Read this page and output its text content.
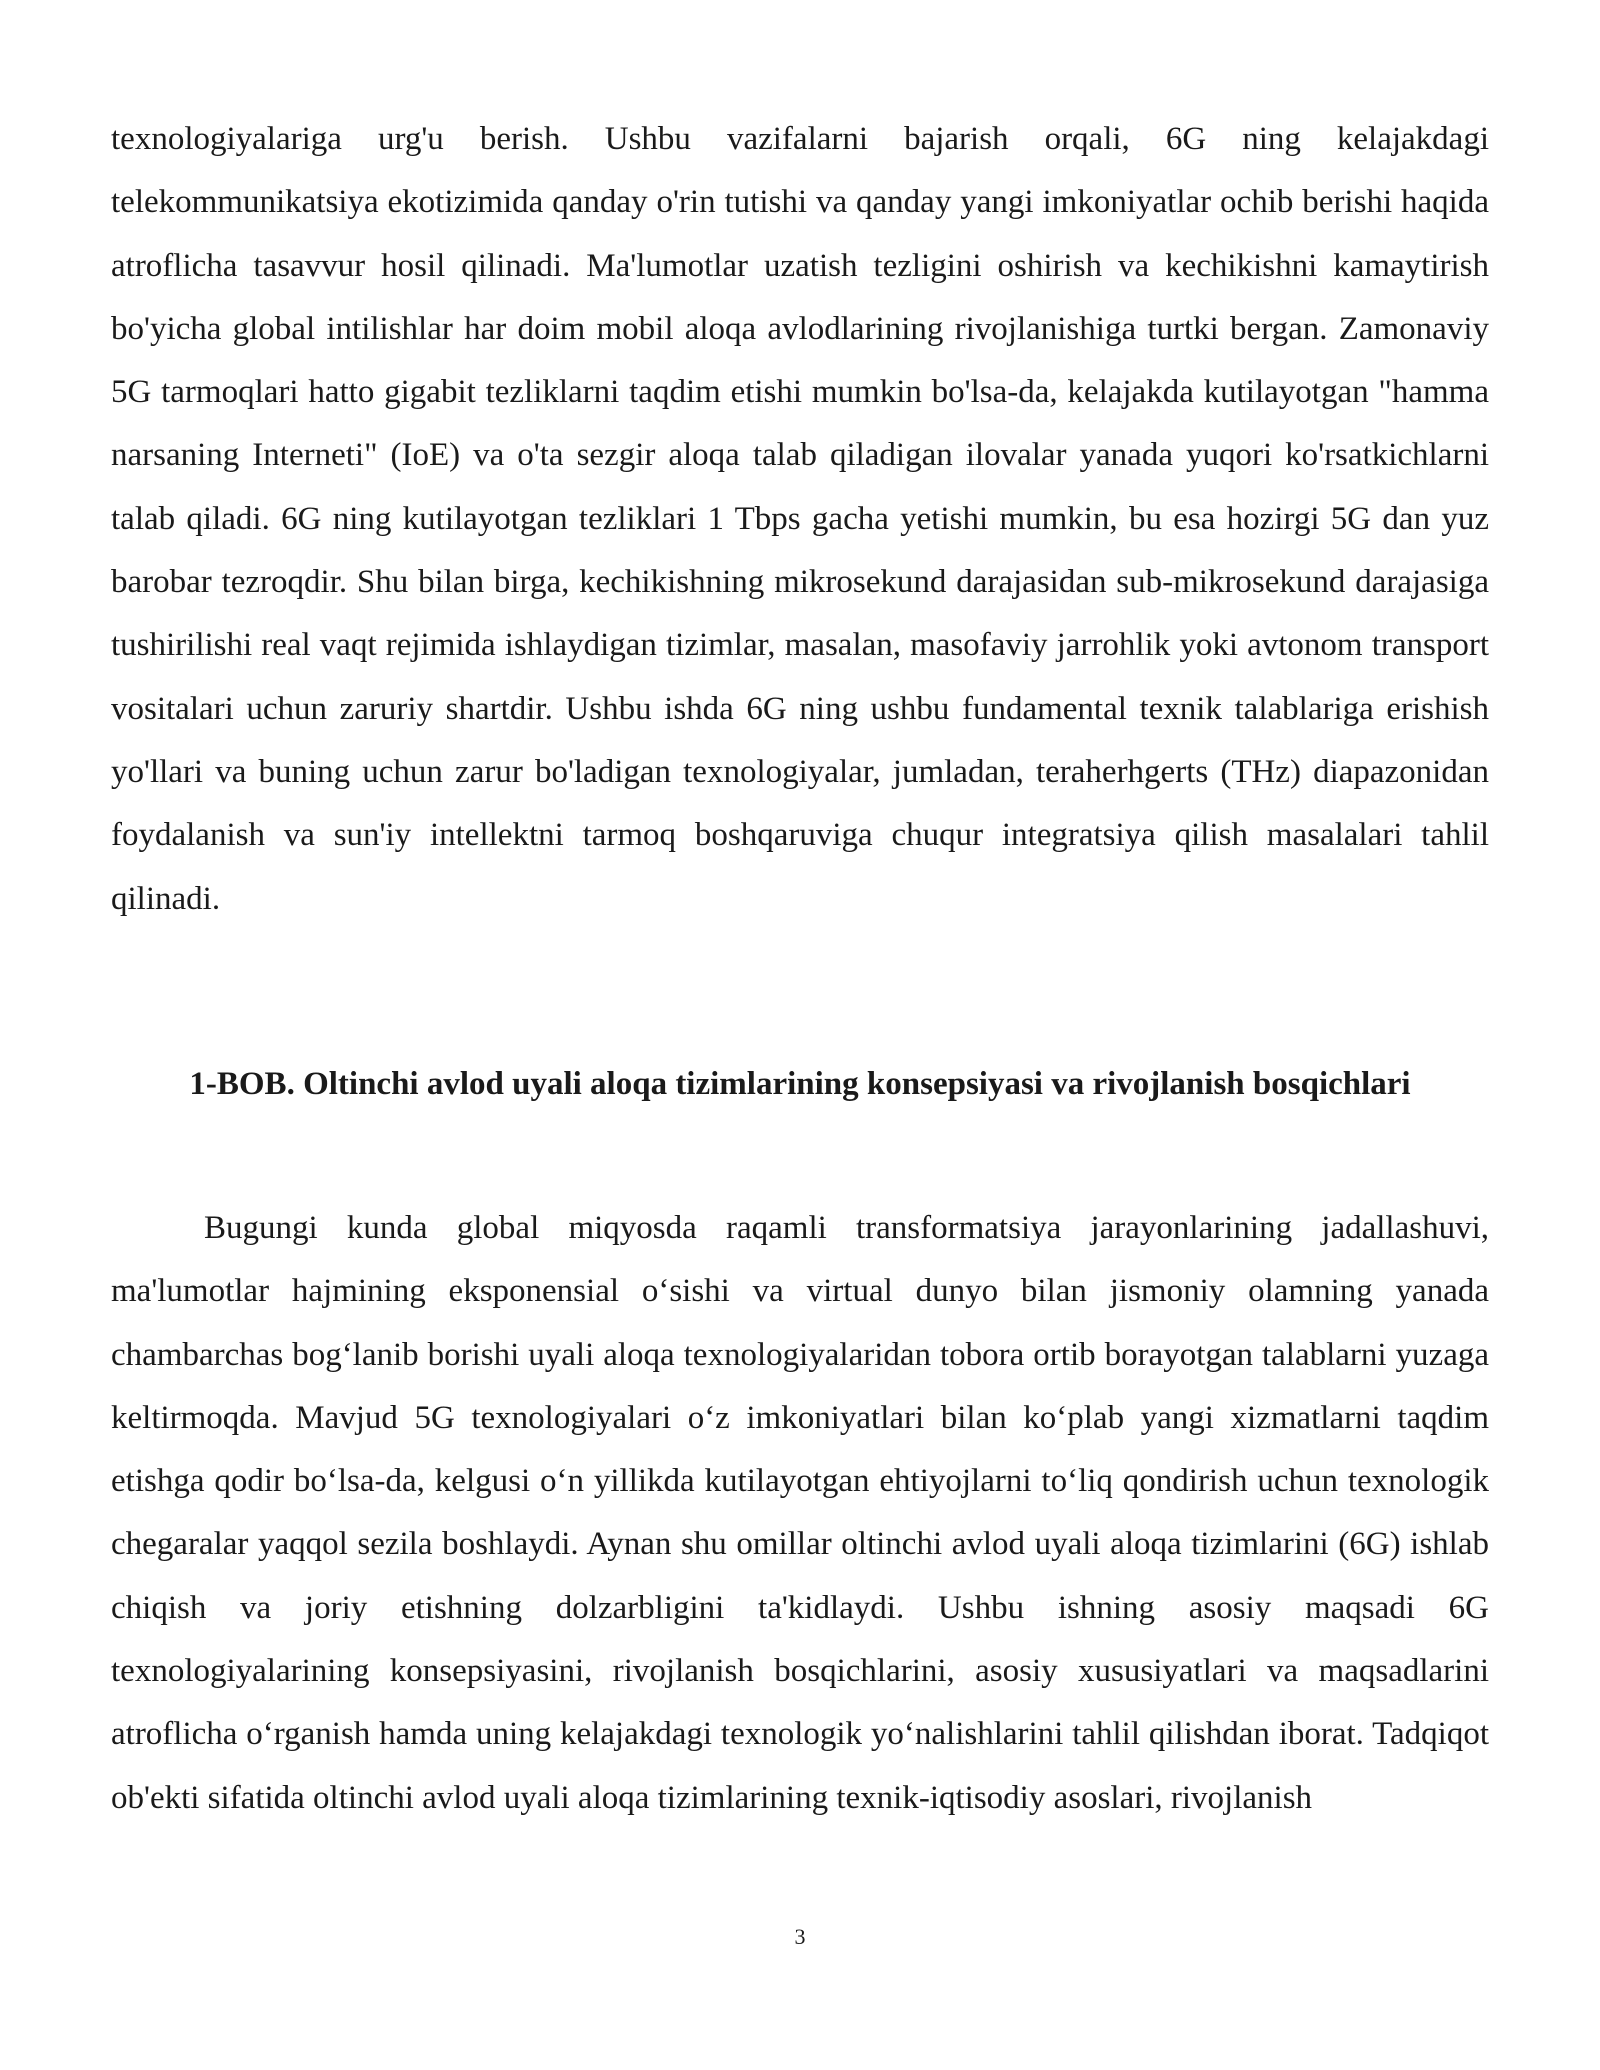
texnologiyalariga urg'u berish. Ushbu vazifalarni bajarish orqali, 6G ning kelajakdagi telekommunikatsiya ekotizimida qanday o'rin tutishi va qanday yangi imkoniyatlar ochib berishi haqida atroflicha tasavvur hosil qilinadi. Ma'lumotlar uzatish tezligini oshirish va kechikishni kamaytirish bo'yicha global intilishlar har doim mobil aloqa avlodlarining rivojlanishiga turtki bergan. Zamonaviy 5G tarmoqlari hatto gigabit tezliklarni taqdim etishi mumkin bo'lsa-da, kelajakda kutilayotgan "hamma narsaning Interneti" (IoE) va o'ta sezgir aloqa talab qiladigan ilovalar yanada yuqori ko'rsatkichlarni talab qiladi. 6G ning kutilayotgan tezliklari 1 Tbps gacha yetishi mumkin, bu esa hozirgi 5G dan yuz barobar tezroqdir. Shu bilan birga, kechikishning mikrosekund darajasidan sub-mikrosekund darajasiga tushirilishi real vaqt rejimida ishlaydigan tizimlar, masalan, masofaviy jarrohlik yoki avtonom transport vositalari uchun zaruriy shartdir. Ushbu ishda 6G ning ushbu fundamental texnik talablariga erishish yo'llari va buning uchun zarur bo'ladigan texnologiyalar, jumladan, teraherhgerts (THz) diapazonidan foydalanish va sun'iy intellektni tarmoq boshqaruviga chuqur integratsiya qilish masalalari tahlil qilinadi.

1-BOB. Oltinchi avlod uyali aloqa tizimlarining konsepsiyasi va rivojlanish bosqichlari

Bugungi kunda global miqyosda raqamli transformatsiya jarayonlarining jadallashuvi, ma'lumotlar hajmining eksponensial o‘sishi va virtual dunyo bilan jismoniy olamning yanada chambarchas bog‘lanib borishi uyali aloqa texnologiyalaridan tobora ortib borayotgan talablarni yuzaga keltirmoqda. Mavjud 5G texnologiyalari o‘z imkoniyatlari bilan ko‘plab yangi xizmatlarni taqdim etishga qodir bo‘lsa-da, kelgusi o‘n yillikda kutilayotgan ehtiyojlarni to‘liq qondirish uchun texnologik chegaralar yaqqol sezila boshlaydi. Aynan shu omillar oltinchi avlod uyali aloqa tizimlarini (6G) ishlab chiqish va joriy etishning dolzarbligini ta'kidlaydi. Ushbu ishning asosiy maqsadi 6G texnologiyalarining konsepsiyasini, rivojlanish bosqichlarini, asosiy xususiyatlari va maqsadlarini atroflicha o‘rganish hamda uning kelajakdagi texnologik yo‘nalishlarini tahlil qilishdan iborat. Tadqiqot ob'ekti sifatida oltinchi avlod uyali aloqa tizimlarining texnik-iqtisodiy asoslari, rivojlanish

3
